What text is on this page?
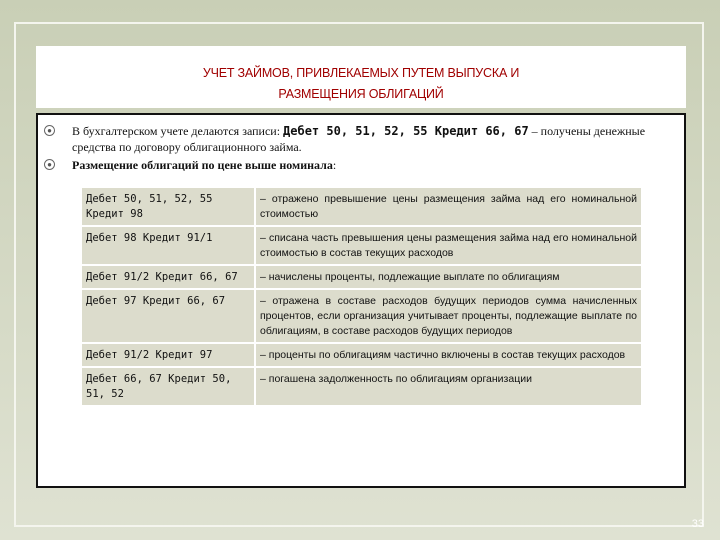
УЧЕТ ЗАЙМОВ, ПРИВЛЕКАЕМЫХ ПУТЕМ ВЫПУСКА И
РАЗМЕЩЕНИЯ ОБЛИГАЦИЙ
● В бухгалтерском учете делаются записи: Дебет 50, 51, 52, 55 Кредит 66, 67 – получены денежные средства по договору облигационного займа.
● Размещение облигаций по цене выше номинала:
Дебет 50, 51, 52, 55 Кредит 98	– отражено превышение цены размещения займа над его номинальной стоимостью
Дебет 98 Кредит 91/1	– списана часть превышения цены размещения займа над его номинальной стоимостью в состав текущих расходов
Дебет 91/2 Кредит 66, 67	– начислены проценты, подлежащие выплате по облигациям
Дебет 97 Кредит 66, 67	– отражена в составе расходов будущих периодов сумма начисленных процентов, если организация учитывает проценты, подлежащие выплате по облигациям, в составе расходов будущих периодов
Дебет 91/2 Кредит 97	– проценты по облигациям частично включены в состав текущих расходов
Дебет 66, 67 Кредит 50, 51, 52	– погашена задолженность по облигациям организации
33
